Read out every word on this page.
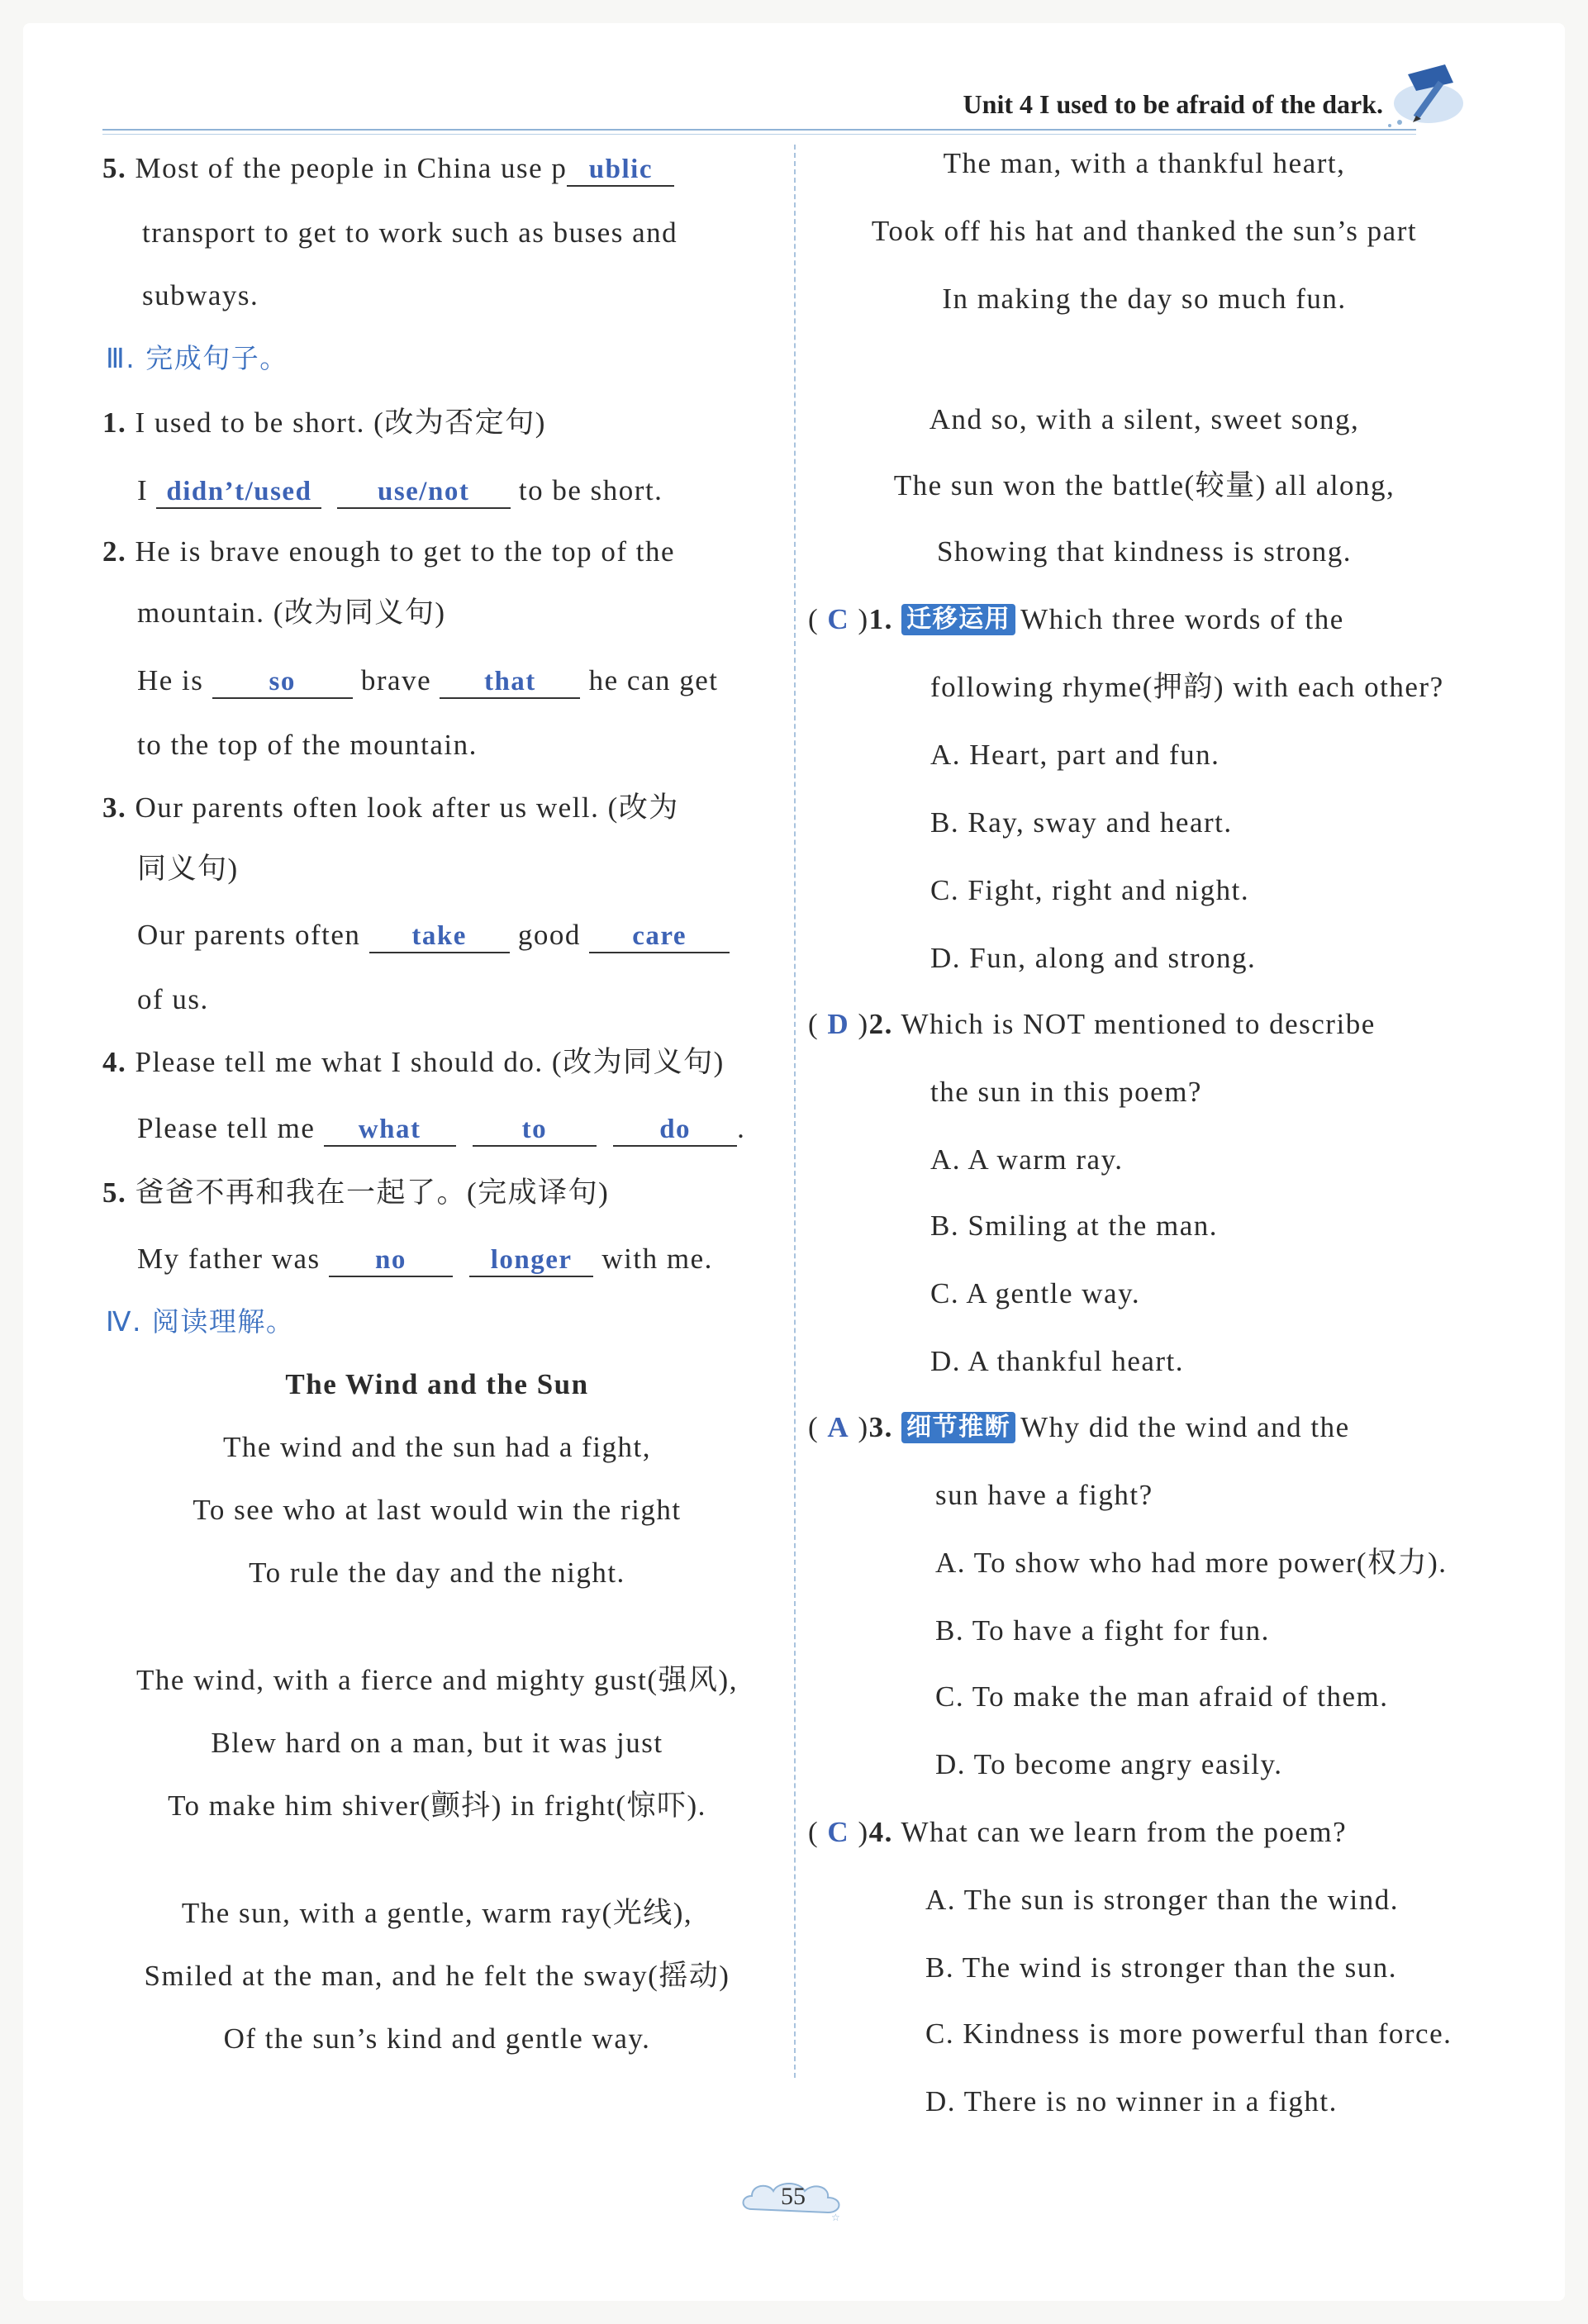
Unit 4 I used to be afraid of the dark.
5. Most of the people in China use p ublic
transport to get to work such as buses and
subways.
Ⅲ. 完成句子。
1. I used to be short. (改为否定句)
I didn’t/used use/not to be short.
2. He is brave enough to get to the top of the
mountain. (改为同义句)
He is so brave that he can get
to the top of the mountain.
3. Our parents often look after us well. (改为
同义句)
Our parents often take good care
of us.
4. Please tell me what I should do. (改为同义句)
Please tell me what	to	do .
5. 爸爸不再和我在一起了。(完成译句)
My father was no	longer with me.
Ⅳ. 阅读理解。
The Wind and the Sun
The wind and the sun had a fight,
To see who at last would win the right
To rule the day and the night.
The wind, with a fierce and mighty gust(强风),
Blew hard on a man, but it was just
To make him shiver(颤抖) in fright(惊吓).
The sun, with a gentle, warm ray(光线),
Smiled at the man, and he felt the sway(摇动)
Of the sun’s kind and gentle way.
The man, with a thankful heart,
Took off his hat and thanked the sun’s part
In making the day so much fun.
And so, with a silent, sweet song,
The sun won the battle(较量) all along,
Showing that kindness is strong.
( C )1. 迁移运用 Which three words of the
following rhyme(押韵) with each other?
A. Heart, part and fun.
B. Ray, sway and heart.
C. Fight, right and night.
D. Fun, along and strong.
( D )2. Which is NOT mentioned to describe
the sun in this poem?
A. A warm ray.
B. Smiling at the man.
C. A gentle way.
D. A thankful heart.
( A )3. 细节推断 Why did the wind and the
sun have a fight?
A. To show who had more power(权力).
B. To have a fight for fun.
C. To make the man afraid of them.
D. To become angry easily.
( C )4. What can we learn from the poem?
A. The sun is stronger than the wind.
B. The wind is stronger than the sun.
C. Kindness is more powerful than force.
D. There is no winner in a fight.
☆
55
